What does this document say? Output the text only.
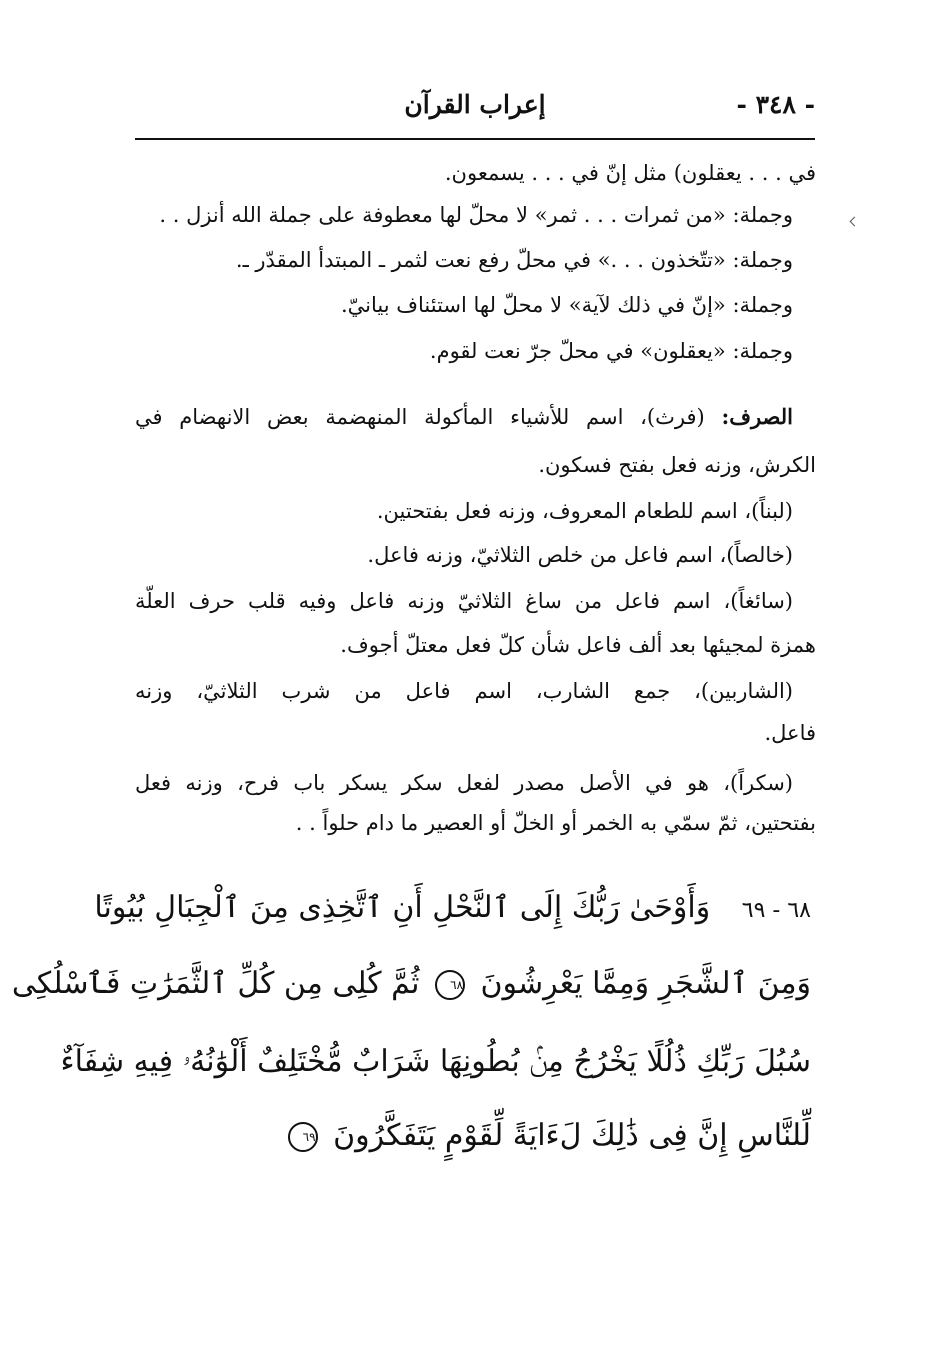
- ٣٤٨ -
إعراب القرآن
في . . . يعقلون) مثل إنّ في . . . يسمعون.
وجملة: «من ثمرات . . . ثمر» لا محلّ لها معطوفة على جملة الله أنزل . .
وجملة: «تتّخذون . . .» في محلّ رفع نعت لثمر ـ المبتدأ المقدّر ـ.
وجملة: «إنّ في ذلك لآية» لا محلّ لها استئناف بيانيّ.
وجملة: «يعقلون» في محلّ جرّ نعت لقوم.
الصرف: (فرث)، اسم للأشياء المأكولة المنهضمة بعض الانهضام في
الكرش، وزنه فعل بفتح فسكون.
(لبناً)، اسم للطعام المعروف، وزنه فعل بفتحتين.
(خالصاً)، اسم فاعل من خلص الثلاثيّ، وزنه فاعل.
(سائغاً)، اسم فاعل من ساغ الثلاثيّ وزنه فاعل وفيه قلب حرف العلّة
همزة لمجيئها بعد ألف فاعل شأن كلّ فعل معتلّ أجوف.
(الشاربين)، جمع الشارب، اسم فاعل من شرب الثلاثيّ، وزنه
فاعل.
(سكراً)، هو في الأصل مصدر لفعل سكر يسكر باب فرح، وزنه فعل
بفتحتين، ثمّ سمّي به الخمر أو الخلّ أو العصير ما دام حلواً . .
٦٨ - ٦٩ وَأَوْحَىٰ رَبُّكَ إِلَى ٱلنَّحْلِ أَنِ ٱتَّخِذِى مِنَ ٱلْجِبَالِ بُيُوتًا
وَمِنَ ٱلشَّجَرِ وَمِمَّا يَعْرِشُونَ ٦٨ ثُمَّ كُلِى مِن كُلِّ ٱلثَّمَرَٰتِ فَٱسْلُكِى
سُبُلَ رَبِّكِ ذُلُلًا يَخْرُجُ مِنۢ بُطُونِهَا شَرَابٌ مُّخْتَلِفٌ أَلْوَٰنُهُۥ فِيهِ شِفَآءٌ
لِّلنَّاسِ إِنَّ فِى ذَٰلِكَ لَءَايَةً لِّقَوْمٍ يَتَفَكَّرُونَ ٦٩
